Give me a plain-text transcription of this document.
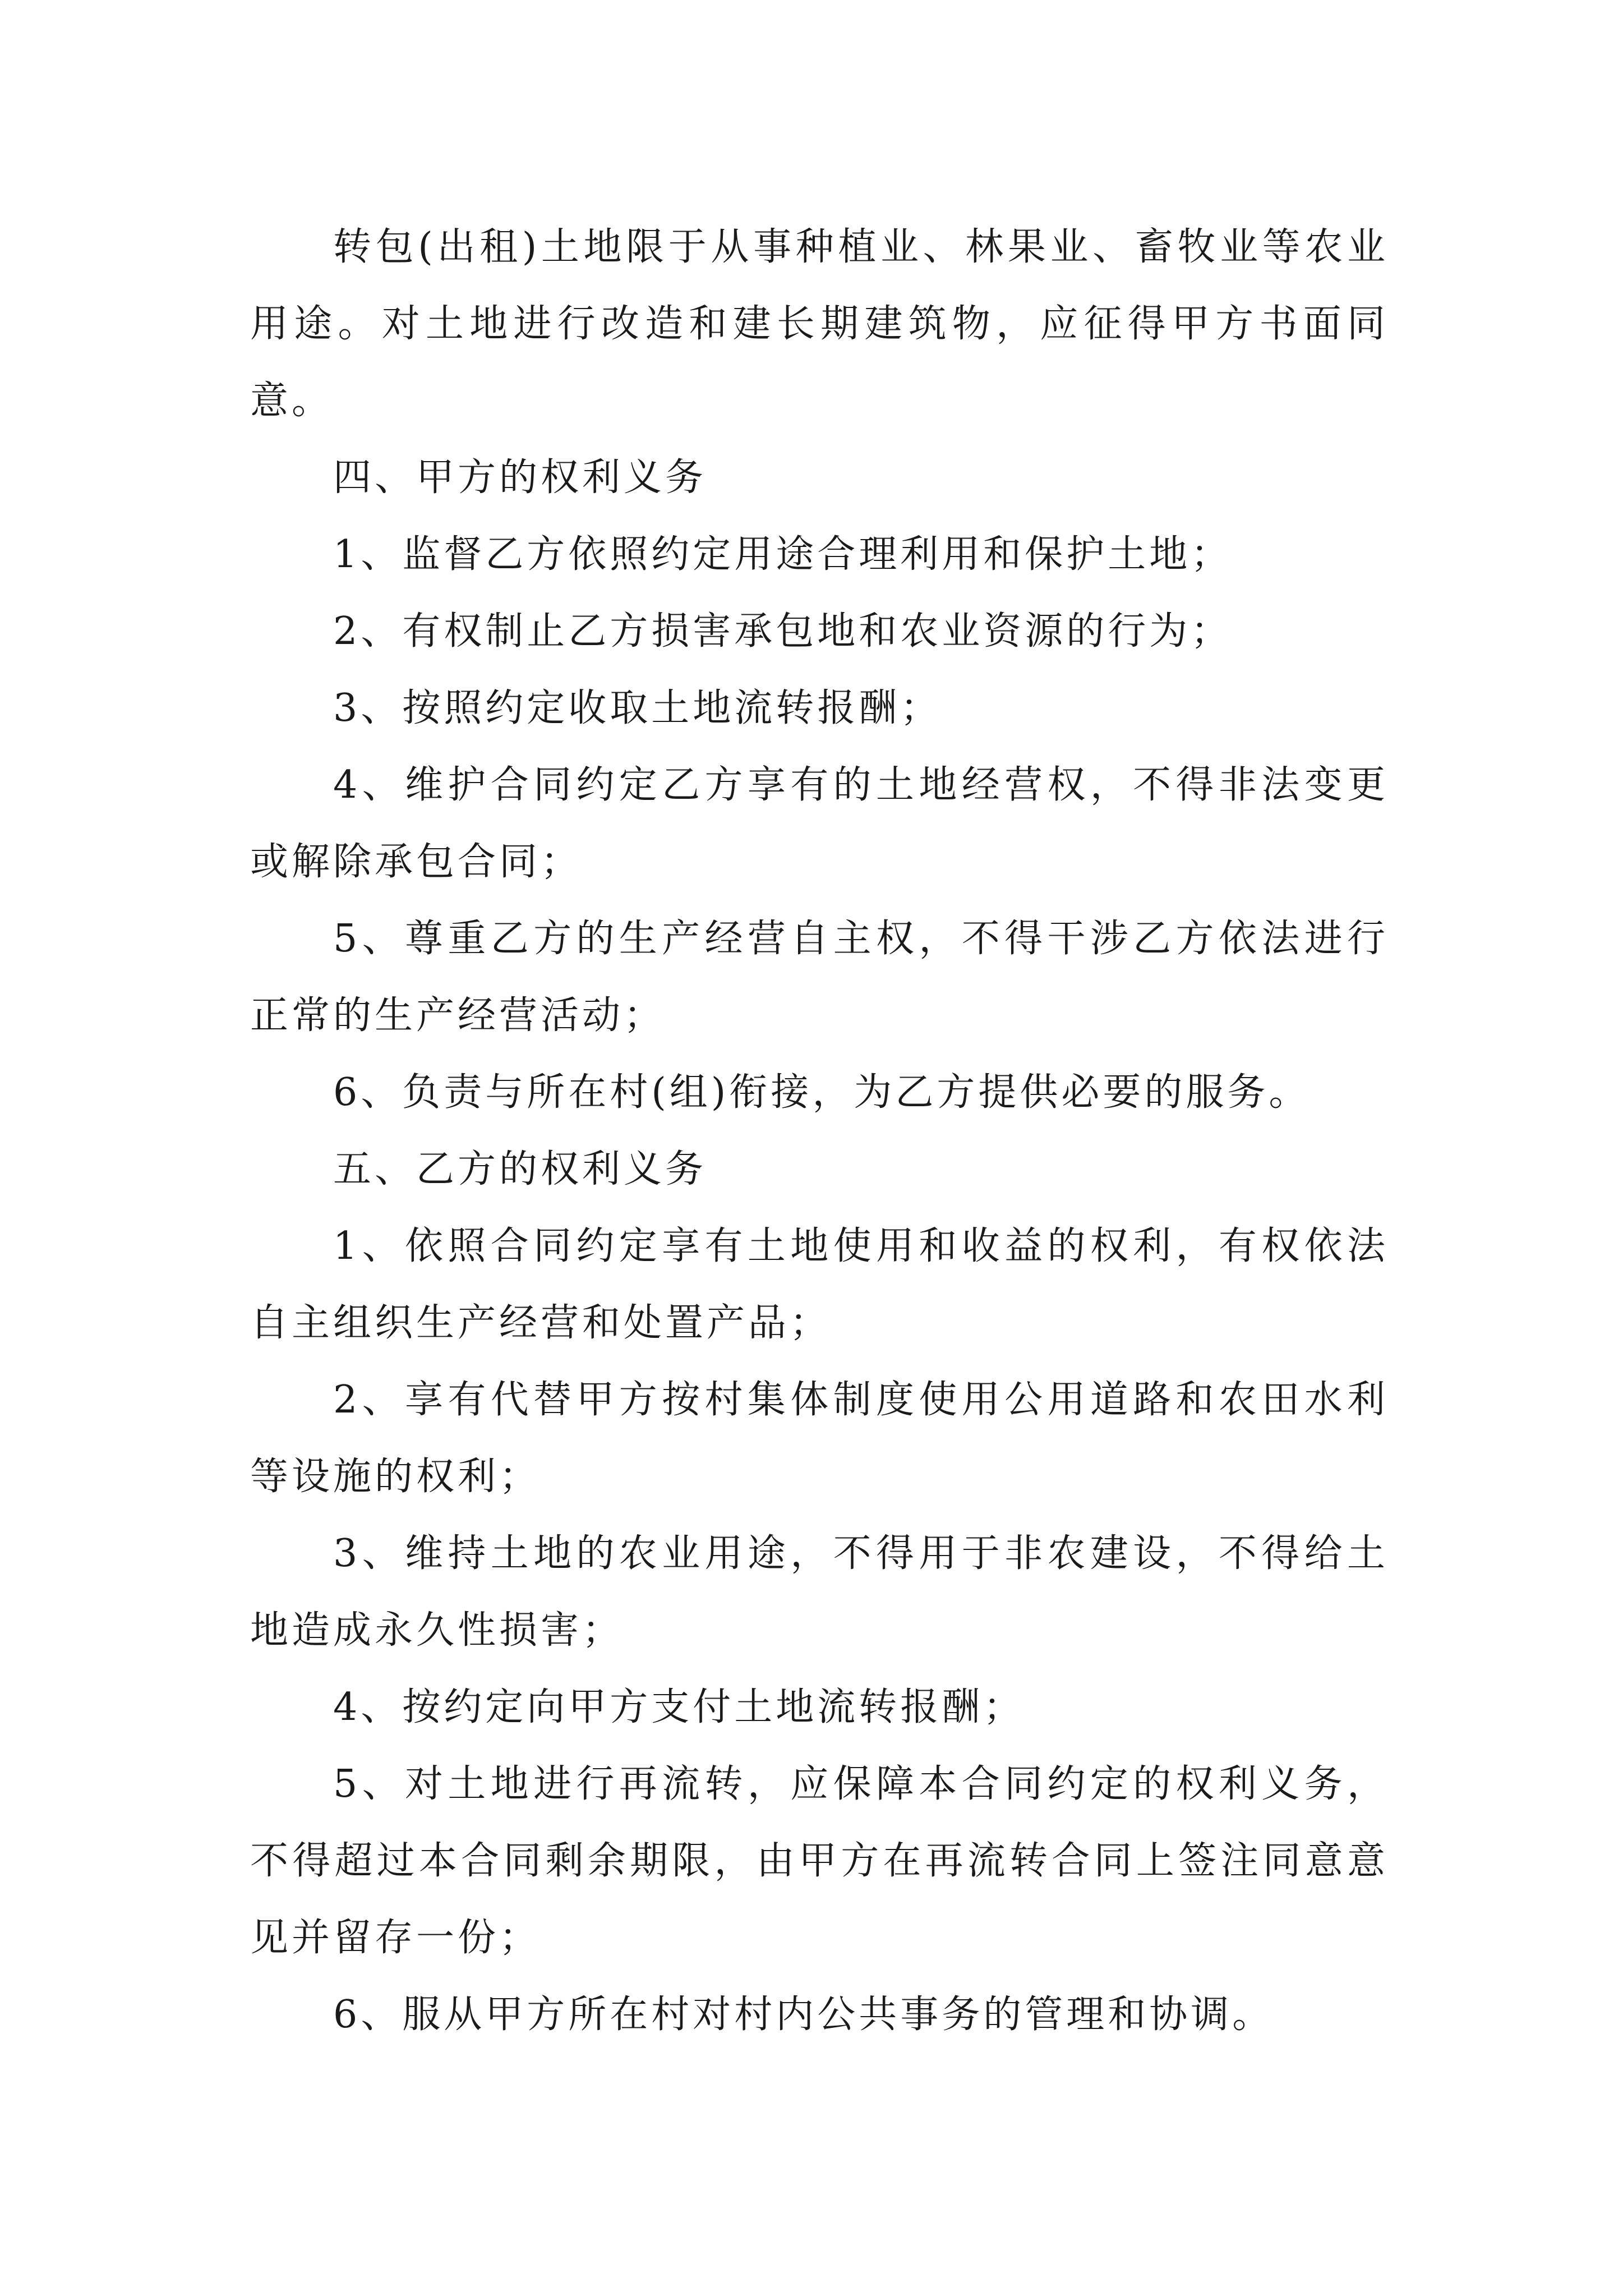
转包(出租)土地限于从事种植业、林果业、畜牧业等农业用途。对土地进行改造和建长期建筑物，应征得甲方书面同意。

四、甲方的权利义务

1、监督乙方依照约定用途合理利用和保护土地；

2、有权制止乙方损害承包地和农业资源的行为；

3、按照约定收取土地流转报酬；

4、维护合同约定乙方享有的土地经营权，不得非法变更或解除承包合同；

5、尊重乙方的生产经营自主权，不得干涉乙方依法进行正常的生产经营活动；

6、负责与所在村(组)衔接，为乙方提供必要的服务。

五、乙方的权利义务

1、依照合同约定享有土地使用和收益的权利，有权依法自主组织生产经营和处置产品；

2、享有代替甲方按村集体制度使用公用道路和农田水利等设施的权利；

3、维持土地的农业用途，不得用于非农建设，不得给土地造成永久性损害；

4、按约定向甲方支付土地流转报酬；

5、对土地进行再流转，应保障本合同约定的权利义务，不得超过本合同剩余期限，由甲方在再流转合同上签注同意意见并留存一份；

6、服从甲方所在村对村内公共事务的管理和协调。
